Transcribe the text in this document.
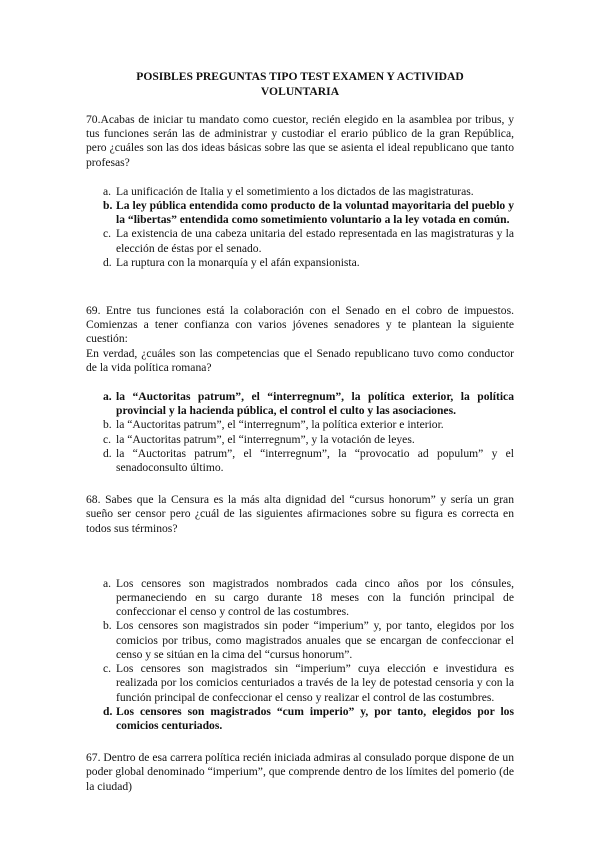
POSIBLES PREGUNTAS TIPO TEST EXAMEN Y ACTIVIDAD VOLUNTARIA

70.Acabas de iniciar tu mandato como cuestor, recién elegido en la asamblea por tribus, y tus funciones serán las de administrar y custodiar el erario público de la gran República, pero ¿cuáles son las dos ideas básicas sobre las que se asienta el ideal republicano que tanto profesas?

a. La unificación de Italia y el sometimiento a los dictados de las magistraturas.
b. La ley pública entendida como producto de la voluntad mayoritaria del pueblo y la “libertas” entendida como sometimiento voluntario a la ley votada en común.
c. La existencia de una cabeza unitaria del estado representada en las magistraturas y la elección de éstas por el senado.
d. La ruptura con la monarquía y el afán expansionista.

69. Entre tus funciones está la colaboración con el Senado en el cobro de impuestos. Comienzas a tener confianza con varios jóvenes senadores y te plantean la siguiente cuestión:
En verdad, ¿cuáles son las competencias que el Senado republicano tuvo como conductor de la vida política romana?

a. la “Auctoritas patrum”, el “interregnum”, la política exterior, la política provincial y la hacienda pública, el control el culto y las asociaciones.
b. la “Auctoritas patrum”, el “interregnum”, la política exterior e interior.
c. la “Auctoritas patrum”, el “interregnum”, y la votación de leyes.
d. la “Auctoritas patrum”, el “interregnum”, la “provocatio ad populum” y el senadoconsulto último.

68. Sabes que la Censura es la más alta dignidad del “cursus honorum” y sería un gran sueño ser censor pero ¿cuál de las siguientes afirmaciones sobre su figura es correcta en todos sus términos?

a. Los censores son magistrados nombrados cada cinco años por los cónsules, permaneciendo en su cargo durante 18 meses con la función principal de confeccionar el censo y control de las costumbres.
b. Los censores son magistrados sin poder “imperium” y, por tanto, elegidos por los comicios por tribus, como magistrados anuales que se encargan de confeccionar el censo y se sitúan en la cima del “cursus honorum”.
c. Los censores son magistrados sin “imperium” cuya elección e investidura es realizada por los comicios centuriados a través de la ley de potestad censoria y con la función principal de confeccionar el censo y realizar el control de las costumbres.
d. Los censores son magistrados “cum imperio” y, por tanto, elegidos por los comicios centuriados.

67. Dentro de esa carrera política recién iniciada admiras al consulado porque dispone de un poder global denominado “imperium”, que comprende dentro de los límites del pomerio (de la ciudad)
